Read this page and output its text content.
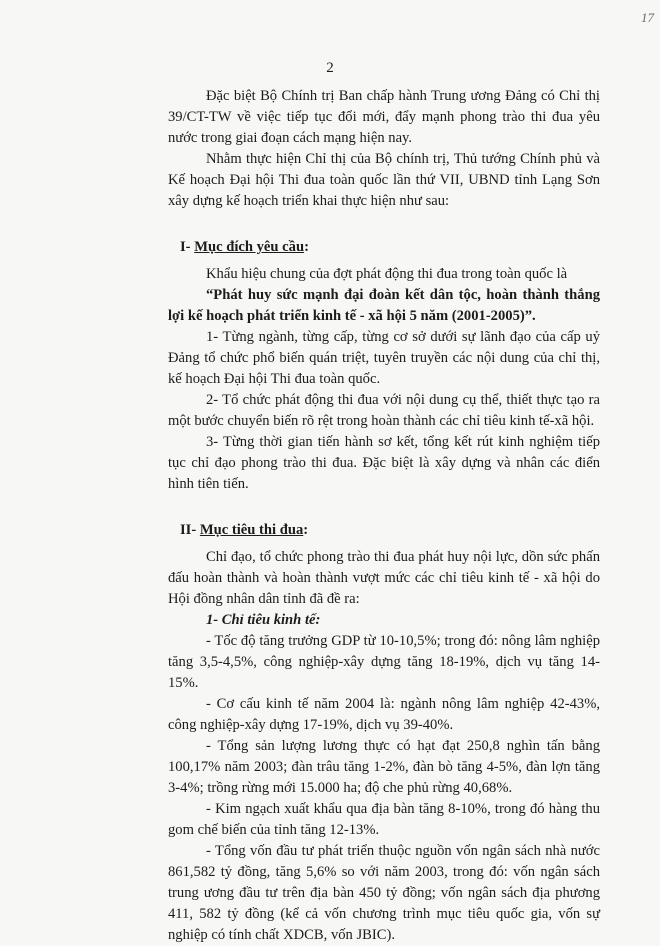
17
2

Đặc biệt Bộ Chính trị Ban chấp hành Trung ương Đảng có Chỉ thị 39/CT-TW về việc tiếp tục đổi mới, đẩy mạnh phong trào thi đua yêu nước trong giai đoạn cách mạng hiện nay.

Nhằm thực hiện Chỉ thị của Bộ chính trị, Thủ tướng Chính phủ và Kế hoạch Đại hội Thi đua toàn quốc lần thứ VII, UBND tỉnh Lạng Sơn xây dựng kế hoạch triển khai thực hiện như sau:

I- Mục đích yêu cầu:

Khẩu hiệu chung của đợt phát động thi đua trong toàn quốc là

“Phát huy sức mạnh đại đoàn kết dân tộc, hoàn thành thắng lợi kế hoạch phát triển kinh tế - xã hội 5 năm (2001-2005)”.

1- Từng ngành, từng cấp, từng cơ sở dưới sự lãnh đạo của cấp uỷ Đảng tổ chức phổ biến quán triệt, tuyên truyền các nội dung của chỉ thị, kế hoạch Đại hội Thi đua toàn quốc.

2- Tổ chức phát động thi đua với nội dung cụ thể, thiết thực tạo ra một bước chuyển biến rõ rệt trong hoàn thành các chỉ tiêu kinh tế-xã hội.

3- Từng thời gian tiến hành sơ kết, tổng kết rút kinh nghiệm tiếp tục chỉ đạo phong trào thi đua. Đặc biệt là xây dựng và nhân các điển hình tiên tiến.

II- Mục tiêu thi đua:

Chỉ đạo, tổ chức phong trào thi đua phát huy nội lực, dồn sức phấn đấu hoàn thành và hoàn thành vượt mức các chỉ tiêu kinh tế - xã hội do Hội đồng nhân dân tỉnh đã đề ra:

1- Chỉ tiêu kinh tế:

- Tốc độ tăng trưởng GDP từ 10-10,5%; trong đó: nông lâm nghiệp tăng 3,5-4,5%, công nghiệp-xây dựng tăng 18-19%, dịch vụ tăng 14-15%.

- Cơ cấu kinh tế năm 2004 là: ngành nông lâm nghiệp 42-43%, công nghiệp-xây dựng 17-19%, dịch vụ 39-40%.

- Tổng sản lượng lương thực có hạt đạt 250,8 nghìn tấn bằng 100,17% năm 2003; đàn trâu tăng 1-2%, đàn bò tăng 4-5%, đàn lợn tăng 3-4%; trồng rừng mới 15.000 ha; độ che phủ rừng 40,68%.

- Kim ngạch xuất khẩu qua địa bàn tăng 8-10%, trong đó hàng thu gom chế biến của tỉnh tăng 12-13%.

- Tổng vốn đầu tư phát triển thuộc nguồn vốn ngân sách nhà nước 861,582 tỷ đồng, tăng 5,6% so với năm 2003, trong đó: vốn ngân sách trung ương đầu tư trên địa bàn 450 tỷ đồng; vốn ngân sách địa phương 411, 582 tỷ đồng (kể cả vốn chương trình mục tiêu quốc gia, vốn sự nghiệp có tính chất XDCB, vốn JBIC).
